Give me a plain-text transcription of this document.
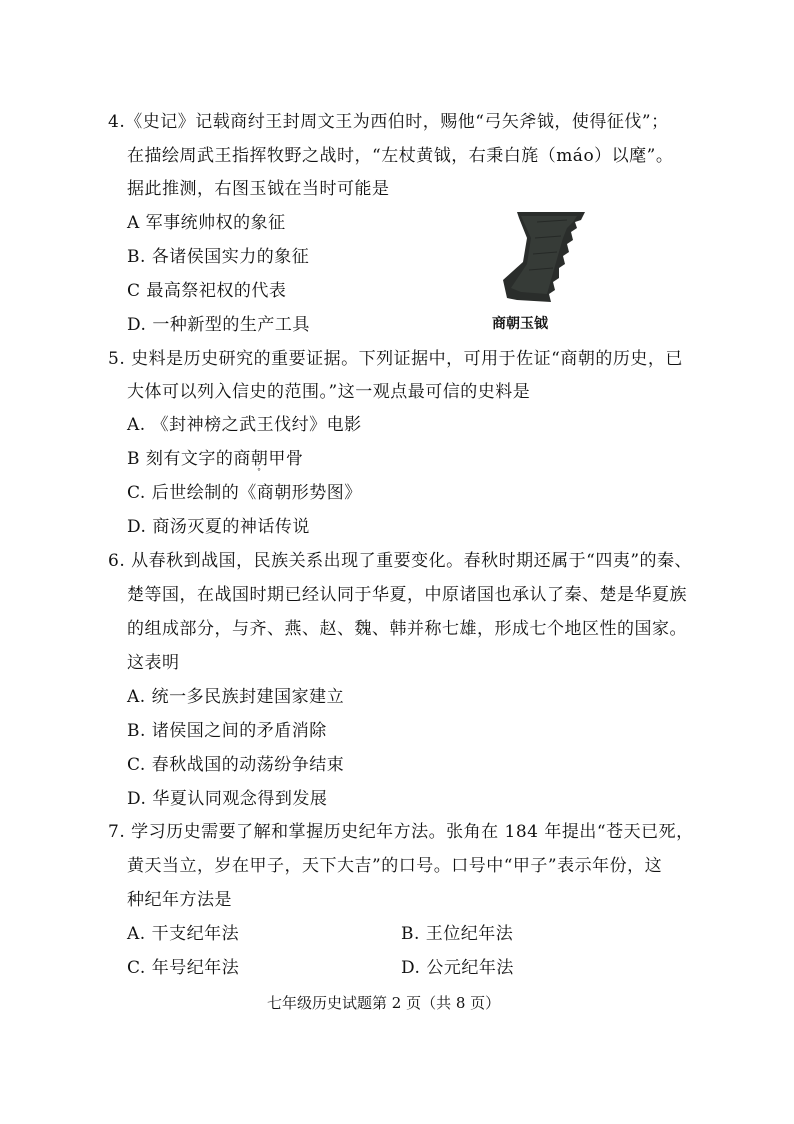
4.《史记》记载商纣王封周文王为西伯时，赐他“弓矢斧钺，使得征伐”；
在描绘周武王指挥牧野之战时，“左杖黄钺，右秉白旄（máo）以麾”。
据此推测，右图玉钺在当时可能是
A 军事统帅权的象征
B. 各诸侯国实力的象征
C 最高祭祀权的代表
D. 一种新型的生产工具	商朝玉钺
5. 史料是历史研究的重要证据。下列证据中，可用于佐证“商朝的历史，已
大体可以列入信史的范围。”这一观点最可信的史料是
A. 《封神榜之武王伐纣》电影
B 刻有文字的商朝甲骨
°
C. 后世绘制的《商朝形势图》
D. 商汤灭夏的神话传说
6. 从春秋到战国，民族关系出现了重要变化。春秋时期还属于“四夷”的秦、
楚等国，在战国时期已经认同于华夏，中原诸国也承认了秦、楚是华夏族
的组成部分，与齐、燕、赵、魏、韩并称七雄，形成七个地区性的国家。
这表明
A. 统一多民族封建国家建立
B. 诸侯国之间的矛盾消除
C. 春秋战国的动荡纷争结束
D. 华夏认同观念得到发展
7. 学习历史需要了解和掌握历史纪年方法。张角在 184 年提出“苍天已死，
黄天当立，岁在甲子，天下大吉”的口号。口号中“甲子”表示年份，这
种纪年方法是
A. 干支纪年法	B. 王位纪年法
C. 年号纪年法	D. 公元纪年法
七年级历史试题第 2 页（共 8 页）
